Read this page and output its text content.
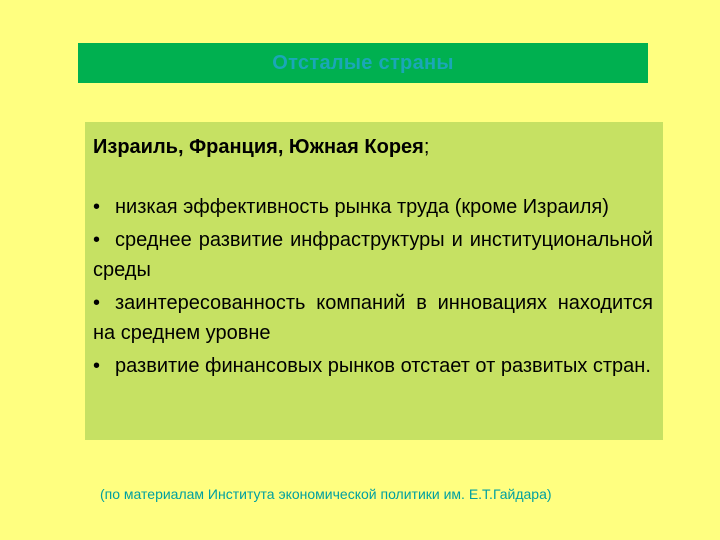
Отсталые страны

Израиль, Франция, Южная Корея;

• низкая эффективность рынка труда (кроме Израиля)

• среднее развитие инфраструктуры и институциональной среды

• заинтересованность компаний в инновациях находится на среднем уровне

• развитие финансовых рынков отстает от развитых стран.

(по материалам Института экономической политики им. Е.Т.Гайдара)
